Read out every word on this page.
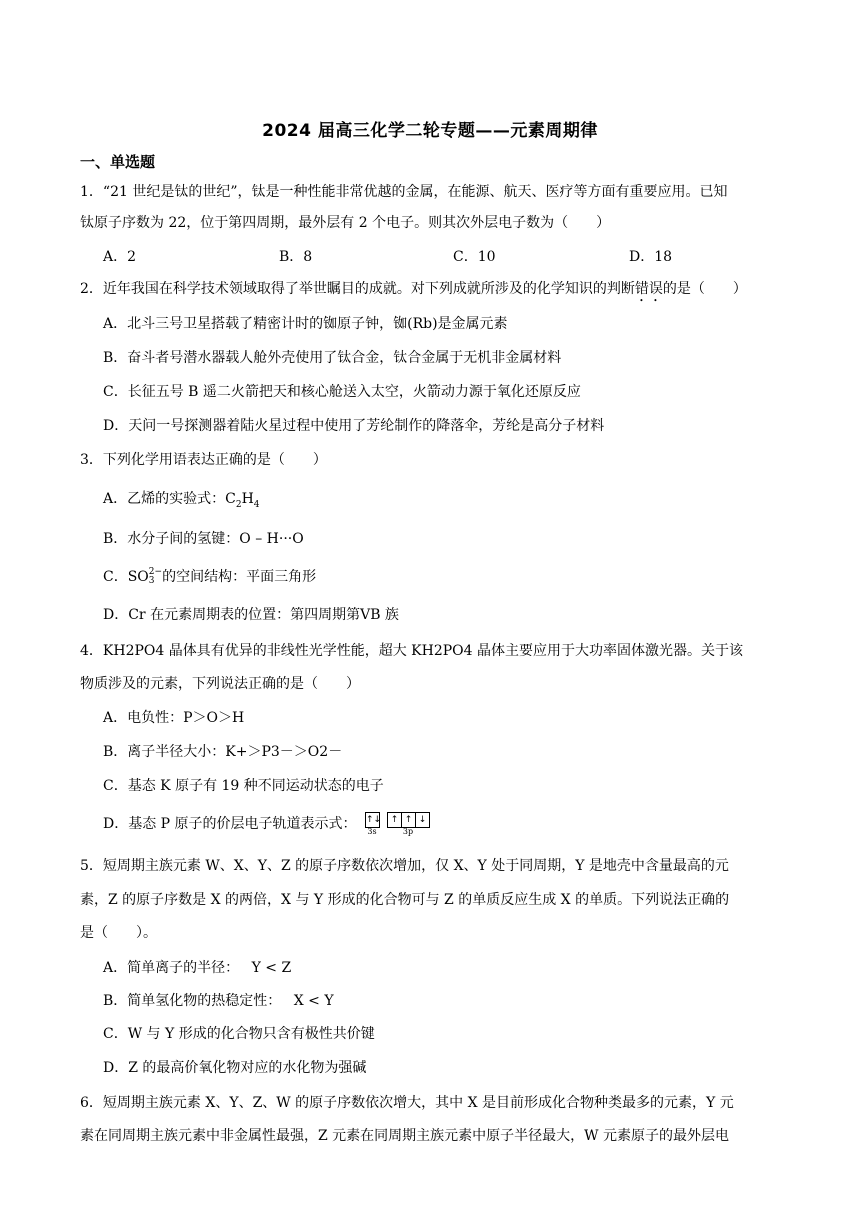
2024 届高三化学二轮专题——元素周期律
一、单选题
1．“21 世纪是钛的世纪”，钛是一种性能非常优越的金属，在能源、航天、医疗等方面有重要应用。已知
钛原子序数为 22，位于第四周期，最外层有 2 个电子。则其次外层电子数为（　　）
A．2	B．8	C．10	D．18
2．近年我国在科学技术领域取得了举世瞩目的成就。对下列成就所涉及的化学知识的判断错误的是（　　）
A．北斗三号卫星搭载了精密计时的铷原子钟，铷(Rb)是金属元素
B．奋斗者号潜水器载人舱外壳使用了钛合金，钛合金属于无机非金属材料
C．长征五号 B 遥二火箭把天和核心舱送入太空，火箭动力源于氧化还原反应
D．天问一号探测器着陆火星过程中使用了芳纶制作的降落伞，芳纶是高分子材料
3．下列化学用语表达正确的是（　　）
A．乙烯的实验式：$C_2H_4$
B．水分子间的氢键：O – H···O
C．SO 2−
3 的空间结构：平面三角形
D．Cr 在元素周期表的位置：第四周期第ⅤB 族
4．KH2PO4 晶体具有优异的非线性光学性能，超大 KH2PO4 晶体主要应用于大功率固体激光器。关于该
物质涉及的元素，下列说法正确的是（　　）
A．电负性：P＞O＞H
B．离子半径大小：K+＞P3－＞O2－
C．基态 K 原子有 19 种不同运动状态的电子
D．基态 P 原子的价层电子轨道表示式： ↑↓
3s
↑ ↑ ↓
3p
5．短周期主族元素 W、X、Y、Z 的原子序数依次增加，仅 X、Y 处于同周期，Y 是地壳中含量最高的元
素，Z 的原子序数是 X 的两倍，X 与 Y 形成的化合物可与 Z 的单质反应生成 X 的单质。下列说法正确的
是（　　）。
A．简单离子的半径： Y < Z
B．简单氢化物的热稳定性： X < Y
C．W 与 Y 形成的化合物只含有极性共价键
D．Z 的最高价氧化物对应的水化物为强碱
6．短周期主族元素 X、Y、Z、W 的原子序数依次增大，其中 X 是目前形成化合物种类最多的元素，Y 元
素在同周期主族元素中非金属性最强，Z 元素在同周期主族元素中原子半径最大，W 元素原子的最外层电
